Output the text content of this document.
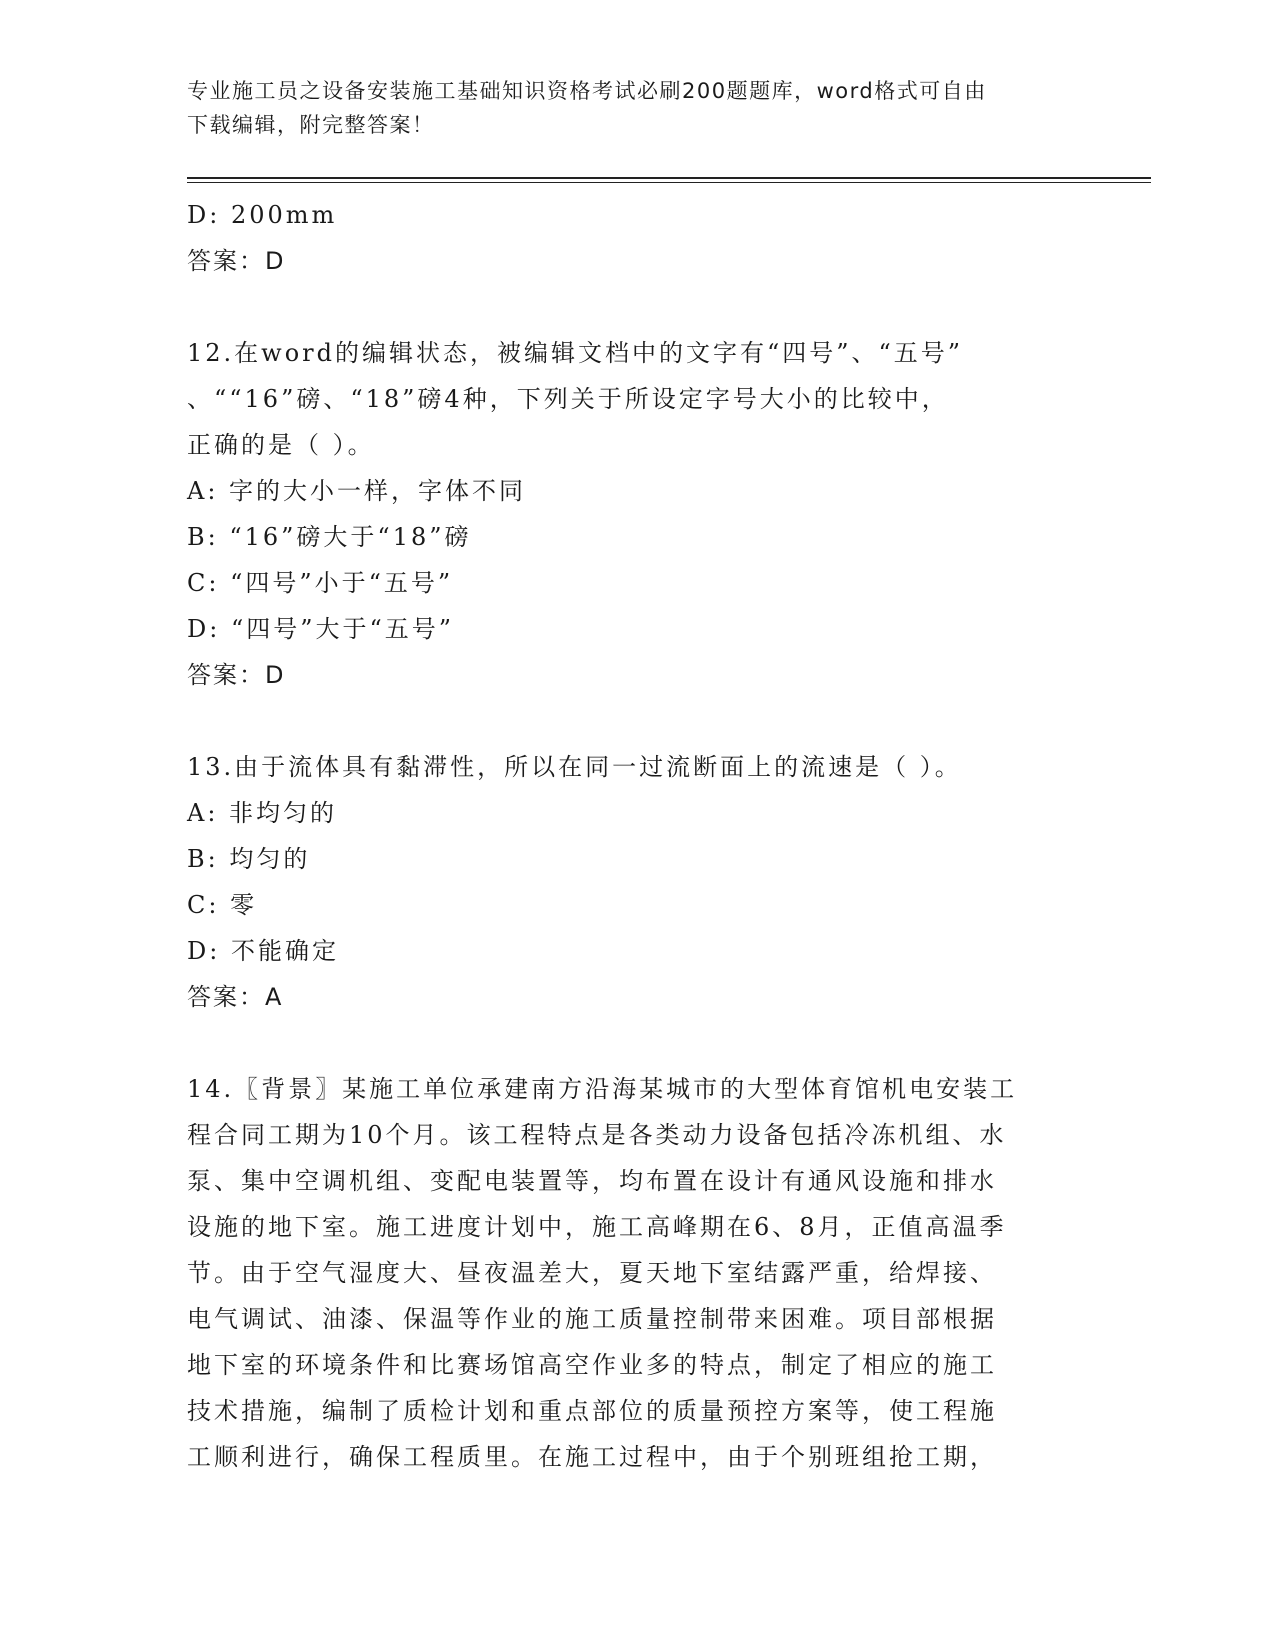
专业施工员之设备安装施工基础知识资格考试必刷200题题库，word格式可自由
下载编辑，附完整答案！
D: 200mm
答案：D
12.在word的编辑状态，被编辑文档中的文字有“四号”、“五号”
、““16”磅、“18”磅4种，下列关于所设定字号大小的比较中，
正确的是（ ）。
A: 字的大小一样，字体不同
B: “16”磅大于“18”磅
C: “四号”小于“五号”
D: “四号”大于“五号”
答案：D
13.由于流体具有黏滞性，所以在同一过流断面上的流速是（ ）。
A: 非均匀的
B: 均匀的
C: 零
D: 不能确定
答案：A
14.〖背景〗某施工单位承建南方沿海某城市的大型体育馆机电安装工
程合同工期为10个月。该工程特点是各类动力设备包括冷冻机组、水
泵、集中空调机组、变配电装置等，均布置在设计有通风设施和排水
设施的地下室。施工进度计划中，施工高峰期在6、8月，正值高温季
节。由于空气湿度大、昼夜温差大，夏天地下室结露严重，给焊接、
电气调试、油漆、保温等作业的施工质量控制带来困难。项目部根据
地下室的环境条件和比赛场馆高空作业多的特点，制定了相应的施工
技术措施，编制了质检计划和重点部位的质量预控方案等，使工程施
工顺利进行，确保工程质里。在施工过程中，由于个别班组抢工期，
